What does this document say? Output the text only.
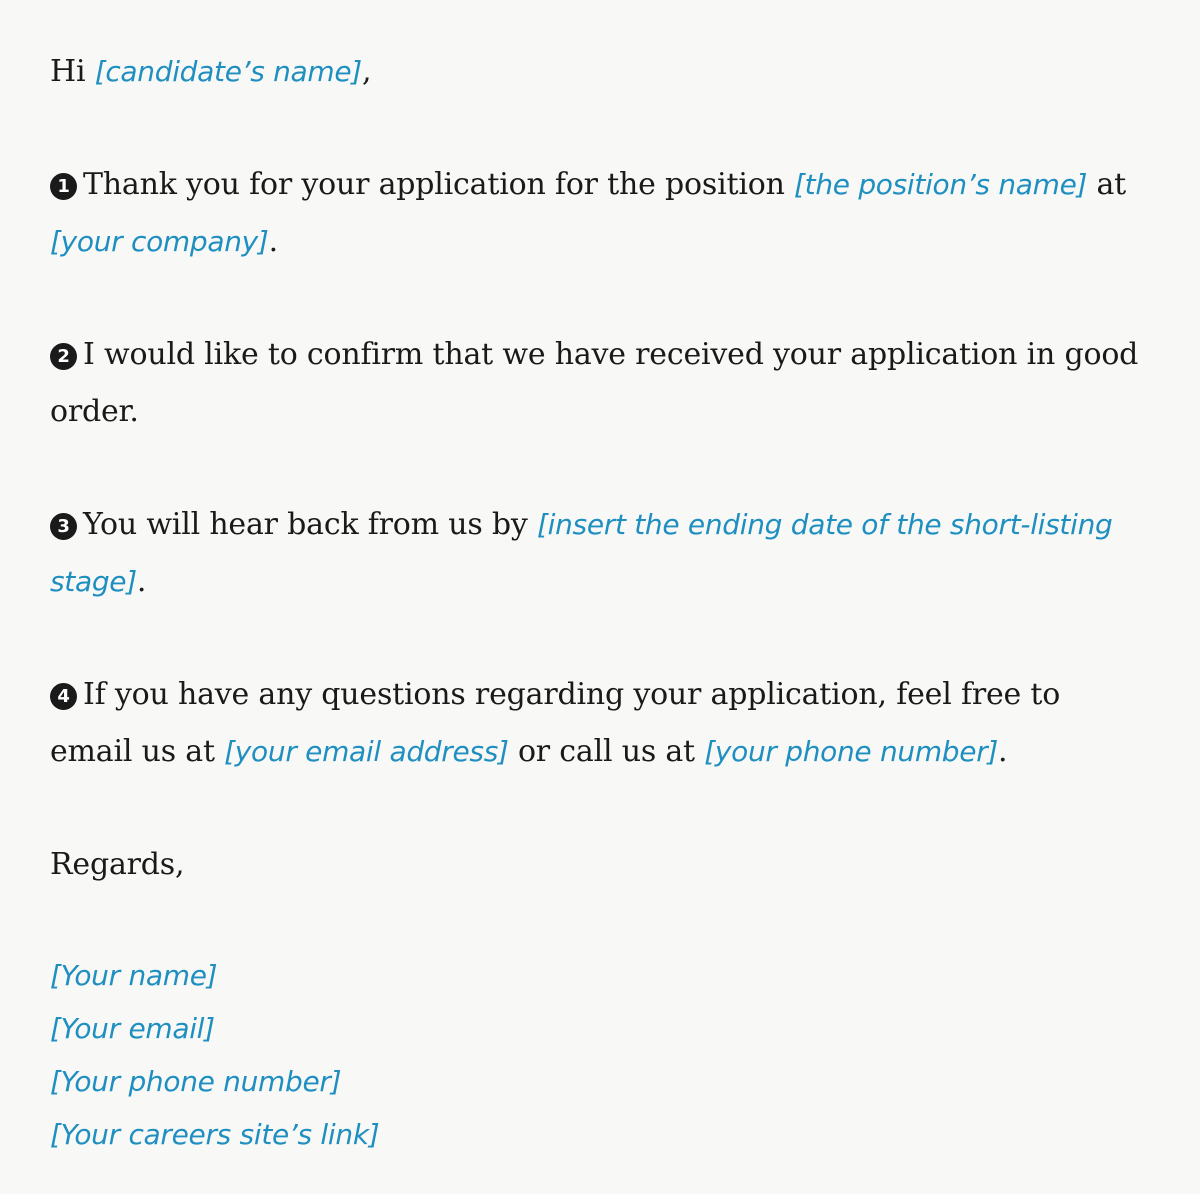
Hi [candidate’s name],

1 Thank you for your application for the position [the position’s name] at [your company].

2 I would like to confirm that we have received your application in good order.

3 You will hear back from us by [insert the ending date of the short-listing stage].

4 If you have any questions regarding your application, feel free to email us at [your email address] or call us at [your phone number].

Regards,

[Your name]
[Your email]
[Your phone number]
[Your careers site’s link]
